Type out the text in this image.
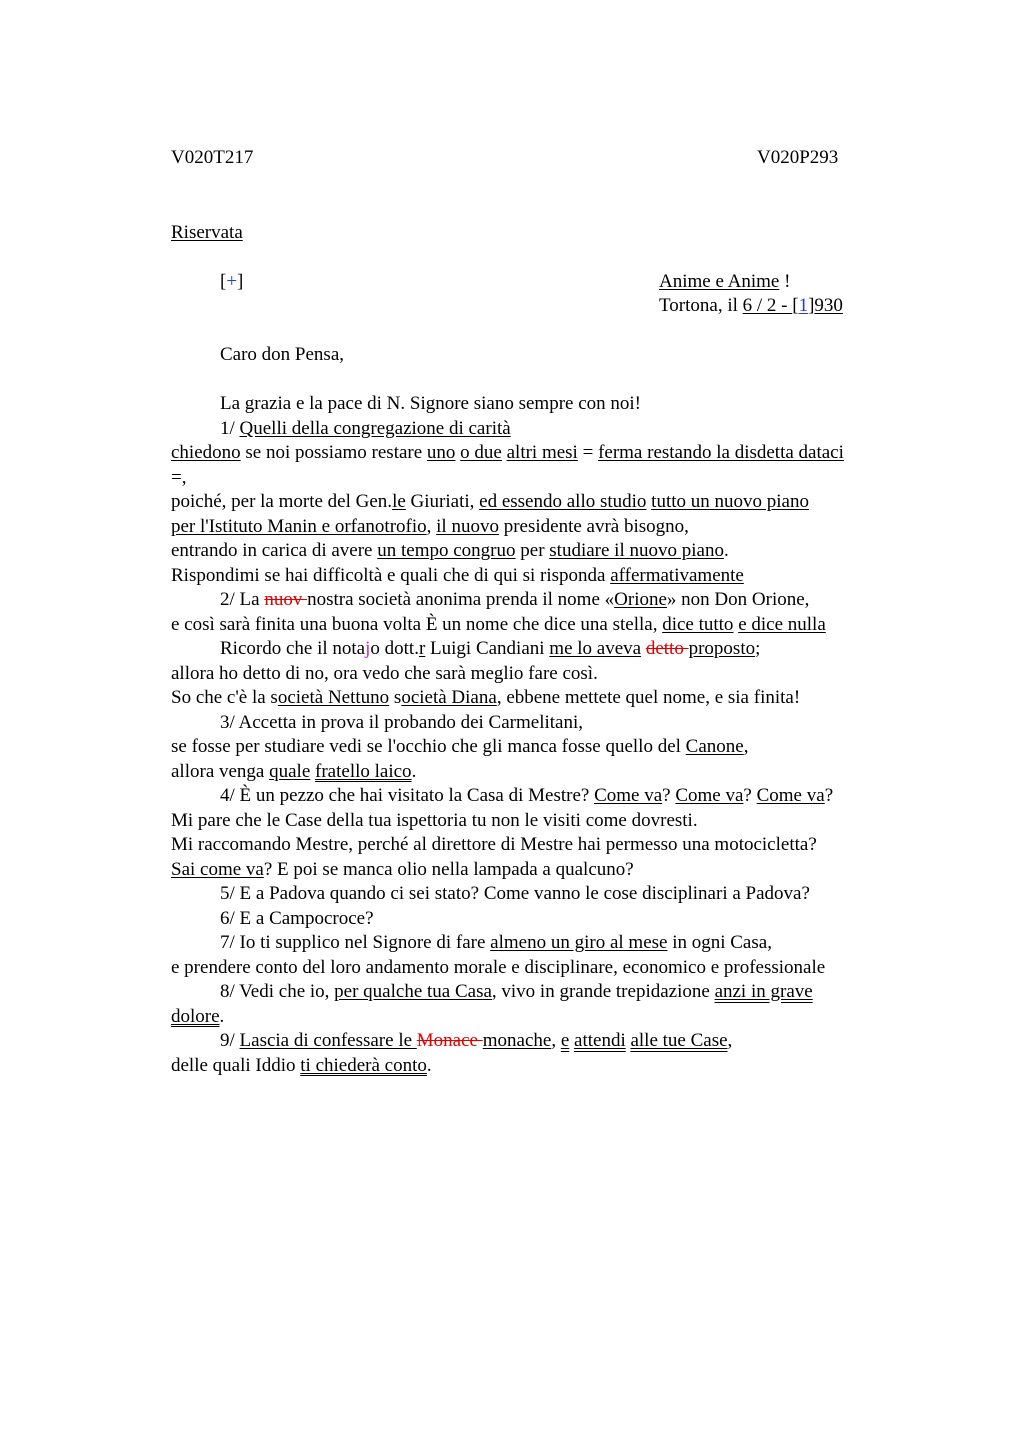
V020T217	V020P293
Riservata
[+]	Anime e Anime !
Tortona, il 6 / 2 - [1]930
Caro don Pensa,
La grazia e la pace di N. Signore siano sempre con noi!
1/ Quelli della congregazione di carità
chiedono se noi possiamo restare uno o due altri mesi = ferma restando la disdetta dataci
=,
poiché, per la morte del Gen.le Giuriati, ed essendo allo studio tutto un nuovo piano
per l'Istituto Manin e orfanotrofio, il nuovo presidente avrà bisogno,
entrando in carica di avere un tempo congruo per studiare il nuovo piano.
Rispondimi se hai difficoltà e quali che di qui si risponda affermativamente
2/ La nuov nostra società anonima prenda il nome «Orione» non Don Orione,
e così sarà finita una buona volta È un nome che dice una stella, dice tutto e dice nulla
Ricordo che il notajo dott.r Luigi Candiani me lo aveva detto proposto;
allora ho detto di no, ora vedo che sarà meglio fare così.
So che c'è la società Nettuno società Diana, ebbene mettete quel nome, e sia finita!
3/ Accetta in prova il probando dei Carmelitani,
se fosse per studiare vedi se l'occhio che gli manca fosse quello del Canone,
allora venga quale fratello laico.
4/ È un pezzo che hai visitato la Casa di Mestre? Come va? Come va? Come va?
Mi pare che le Case della tua ispettoria tu non le visiti come dovresti.
Mi raccomando Mestre, perché al direttore di Mestre hai permesso una motocicletta?
Sai come va? E poi se manca olio nella lampada a qualcuno?
5/ E a Padova quando ci sei stato? Come vanno le cose disciplinari a Padova?
6/ E a Campocroce?
7/ Io ti supplico nel Signore di fare almeno un giro al mese in ogni Casa,
e prendere conto del loro andamento morale e disciplinare, economico e professionale
8/ Vedi che io, per qualche tua Casa, vivo in grande trepidazione anzi in grave
dolore.
9/ Lascia di confessare le Monace monache, e attendi alle tue Case,
delle quali Iddio ti chiederà conto.
